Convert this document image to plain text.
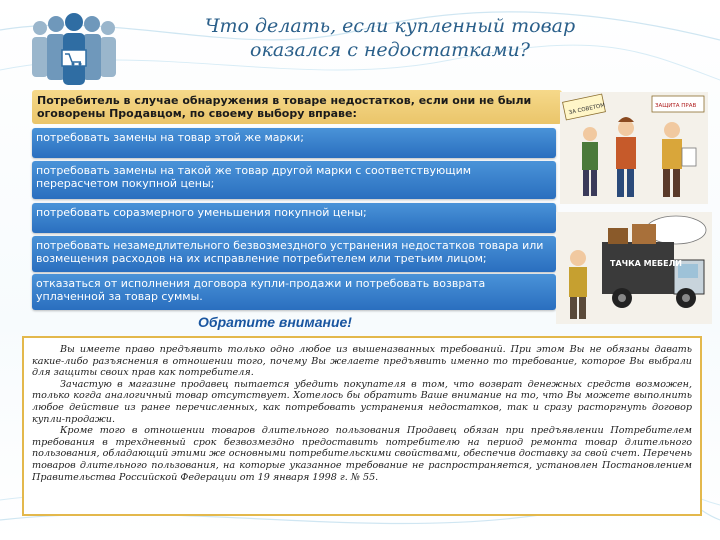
Что делать, если купленный товар
оказался с недостатками?
Потребитель в случае обнаружения в товаре недостатков, если они не были оговорены Продавцом, по своему выбору вправе:
потребовать замены на товар этой же марки;
потребовать замены на такой же товар другой марки с соответствующим перерасчетом покупной цены;
потребовать соразмерного уменьшения покупной цены;
потребовать незамедлительного безвозмездного устранения недостатков товара или возмещения расходов на их исправление потребителем или третьим лицом;
отказаться от исполнения договора купли-продажи и потребовать возврата уплаченной за товар суммы.
ЗА СОВЕТОМ	ЗАЩИТА ПРАВ
ТАЧКА МЕБЕЛИ
Обратите внимание!

Вы имеете право предъявить только одно любое из вышеназванных требований. При этом Вы не обязаны давать какие-либо разъяснения в отношении того, почему Вы желаете предъявить именно то требование, которое Вы выбрали для защиты своих прав как потребителя.

Зачастую в магазине продавец пытается убедить покупателя в том, что возврат денежных средств возможен, только когда аналогичный товар отсутствует. Хотелось бы обратить Ваше внимание на то, что Вы можете выполнить любое действие из ранее перечисленных, как потребовать устранения недостатков, так и сразу расторгнуть договор купли-продажи.

Кроме того в отношении товаров длительного пользования Продавец обязан при предъявлении Потребителем требования в трехдневный срок безвозмездно предоставить потребителю на период ремонта товар длительного пользования, обладающий этими же основными потребительскими свойствами, обеспечив доставку за свой счет. Перечень товаров длительного пользования, на которые указанное требование не распространяется, установлен Постановлением Правительства Российской Федерации от 19 января 1998 г. № 55.
